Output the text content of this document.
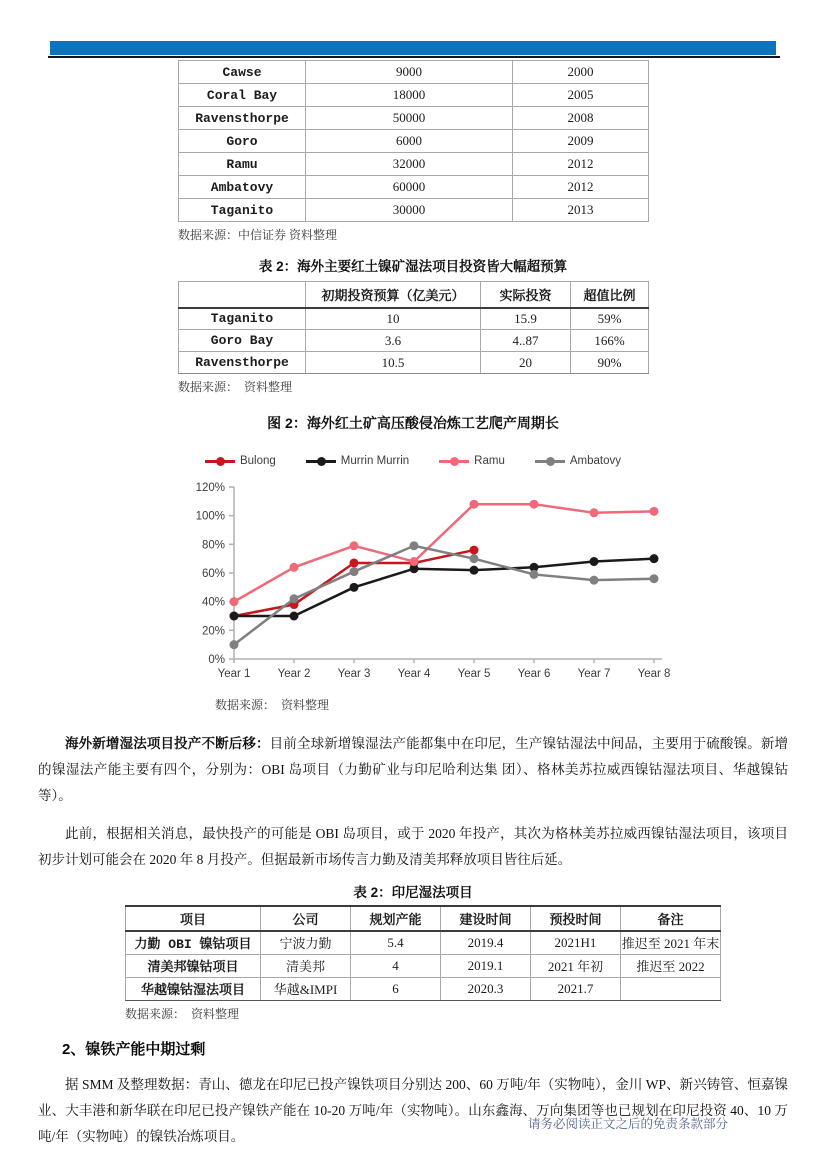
Cawse	9000	2000
Coral Bay	18000	2005
Ravensthorpe	50000	2008
Goro	6000	2009
Ramu	32000	2012
Ambatovy	60000	2012
Taganito	30000	2013
数据来源：中信证券 资料整理
表 2：海外主要红土镍矿湿法项目投资皆大幅超预算
	初期投资预算（亿美元）	实际投资	超值比例
Taganito	10	15.9	59%
Goro Bay	3.6	4..87	166%
Ravensthorpe	10.5	20	90%
数据来源：　资料整理
图 2：海外红土矿高压酸侵冶炼工艺爬产周期长
Bulong	Murrin Murrin	Ramu	Ambatovy
0%
20%
40%
60%
80%
100%
120%
Year 1 Year 2 Year 3 Year 4 Year 5 Year 6 Year 7 Year 8
数据来源：　资料整理

海外新增湿法项目投产不断后移：目前全球新增镍湿法产能都集中在印尼，生产镍钴湿法中间品，主要用于硫酸镍。新增的镍湿法产能主要有四个，分别为：OBI 岛项目（力勤矿业与印尼哈利达集 团）、格林美苏拉威西镍钴湿法项目、华越镍钴等）。

此前，根据相关消息，最快投产的可能是 OBI 岛项目，或于 2020 年投产，其次为格林美苏拉威西镍钴湿法项目，该项目初步计划可能会在 2020 年 8 月投产。但据最新市场传言力勤及清美邦释放项目皆往后延。

表 2：印尼湿法项目
项目	公司	规划产能	建设时间	预投时间	备注
力勤 OBI 镍钴项目	宁波力勤	5.4	2019.4	2021H1	推迟至 2021 年末
清美邦镍钴项目	清美邦	4	2019.1	2021 年初	推迟至 2022
华越镍钴湿法项目	华越&IMPI	6	2020.3	2021.7	
数据来源：　资料整理
2、镍铁产能中期过剩

据 SMM 及整理数据：青山、德龙在印尼已投产镍铁项目分别达 200、60 万吨/年（实物吨），金川 WP、新兴铸管、恒嘉镍业、大丰港和新华联在印尼已投产镍铁产能在 10-20 万吨/年（实物吨）。山东鑫海、万向集团等也已规划在印尼投资 40、10 万吨/年（实物吨）的镍铁冶炼项目。

请务必阅读正文之后的免责条款部分
